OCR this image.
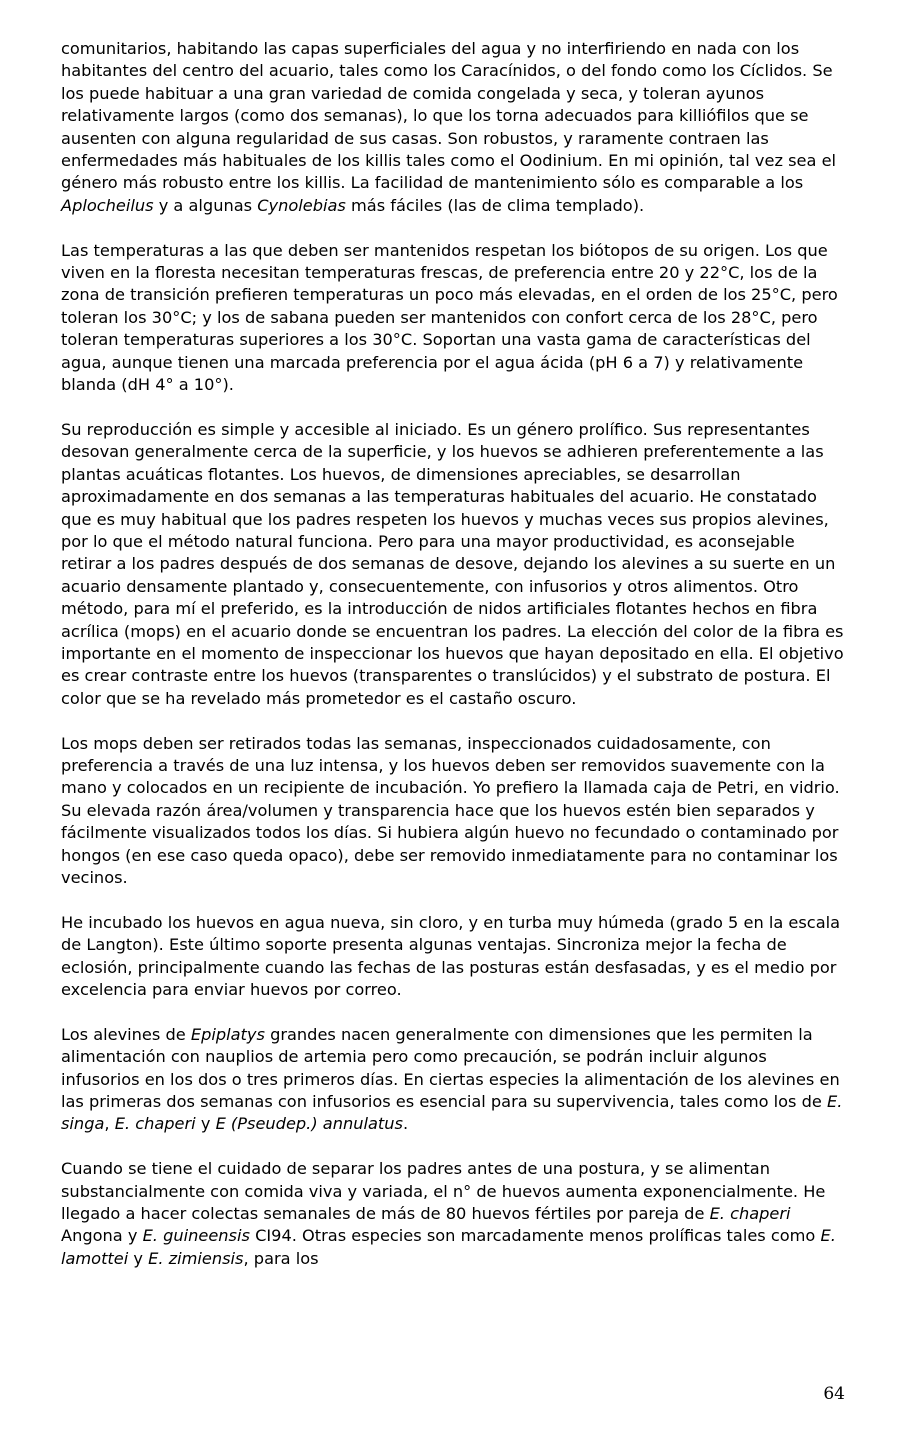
comunitarios, habitando las capas superficiales del agua y no interfiriendo en nada con los habitantes del centro del acuario, tales como los Caracínidos, o del fondo como los Cíclidos. Se los puede habituar a una gran variedad de comida congelada y seca, y toleran ayunos relativamente largos (como dos semanas), lo que los torna adecuados para killiófilos que se ausenten con alguna regularidad de sus casas. Son robustos, y raramente contraen las enfermedades más habituales de los killis tales como el Oodinium. En mi opinión, tal vez sea el género más robusto entre los killis. La facilidad de mantenimiento sólo es comparable a los Aplocheilus y a algunas Cynolebias más fáciles (las de clima templado).

Las temperaturas a las que deben ser mantenidos respetan los biótopos de su origen. Los que viven en la floresta necesitan temperaturas frescas, de preferencia entre 20 y 22°C, los de la zona de transición prefieren temperaturas un poco más elevadas, en el orden de los 25°C, pero toleran los 30°C; y los de sabana pueden ser mantenidos con confort cerca de los 28°C, pero toleran temperaturas superiores a los 30°C. Soportan una vasta gama de características del agua, aunque tienen una marcada preferencia por el agua ácida (pH 6 a 7) y relativamente blanda (dH 4° a 10°).

Su reproducción es simple y accesible al iniciado. Es un género prolífico. Sus representantes desovan generalmente cerca de la superficie, y los huevos se adhieren preferentemente a las plantas acuáticas flotantes. Los huevos, de dimensiones apreciables, se desarrollan aproximadamente en dos semanas a las temperaturas habituales del acuario. He constatado que es muy habitual que los padres respeten los huevos y muchas veces sus propios alevines, por lo que el método natural funciona. Pero para una mayor productividad, es aconsejable retirar a los padres después de dos semanas de desove, dejando los alevines a su suerte en un acuario densamente plantado y, consecuentemente, con infusorios y otros alimentos. Otro método, para mí el preferido, es la introducción de nidos artificiales flotantes hechos en fibra acrílica (mops) en el acuario donde se encuentran los padres. La elección del color de la fibra es importante en el momento de inspeccionar los huevos que hayan depositado en ella. El objetivo es crear contraste entre los huevos (transparentes o translúcidos) y el substrato de postura. El color que se ha revelado más prometedor es el castaño oscuro.

Los mops deben ser retirados todas las semanas, inspeccionados cuidadosamente, con preferencia a través de una luz intensa, y los huevos deben ser removidos suavemente con la mano y colocados en un recipiente de incubación. Yo prefiero la llamada caja de Petri, en vidrio. Su elevada razón área/volumen y transparencia hace que los huevos estén bien separados y fácilmente visualizados todos los días. Si hubiera algún huevo no fecundado o contaminado por hongos (en ese caso queda opaco), debe ser removido inmediatamente para no contaminar los vecinos.

He incubado los huevos en agua nueva, sin cloro, y en turba muy húmeda (grado 5 en la escala de Langton). Este último soporte presenta algunas ventajas. Sincroniza mejor la fecha de eclosión, principalmente cuando las fechas de las posturas están desfasadas, y es el medio por excelencia para enviar huevos por correo.

Los alevines de Epiplatys grandes nacen generalmente con dimensiones que les permiten la alimentación con nauplios de artemia pero como precaución, se podrán incluir algunos infusorios en los dos o tres primeros días. En ciertas especies la alimentación de los alevines en las primeras dos semanas con infusorios es esencial para su supervivencia, tales como los de E. singa, E. chaperi y E (Pseudep.) annulatus.

Cuando se tiene el cuidado de separar los padres antes de una postura, y se alimentan substancialmente con comida viva y variada, el n° de huevos aumenta exponencialmente. He llegado a hacer colectas semanales de más de 80 huevos fértiles por pareja de E. chaperi Angona y E. guineensis CI94. Otras especies son marcadamente menos prolíficas tales como E. lamottei y E. zimiensis, para los

64
